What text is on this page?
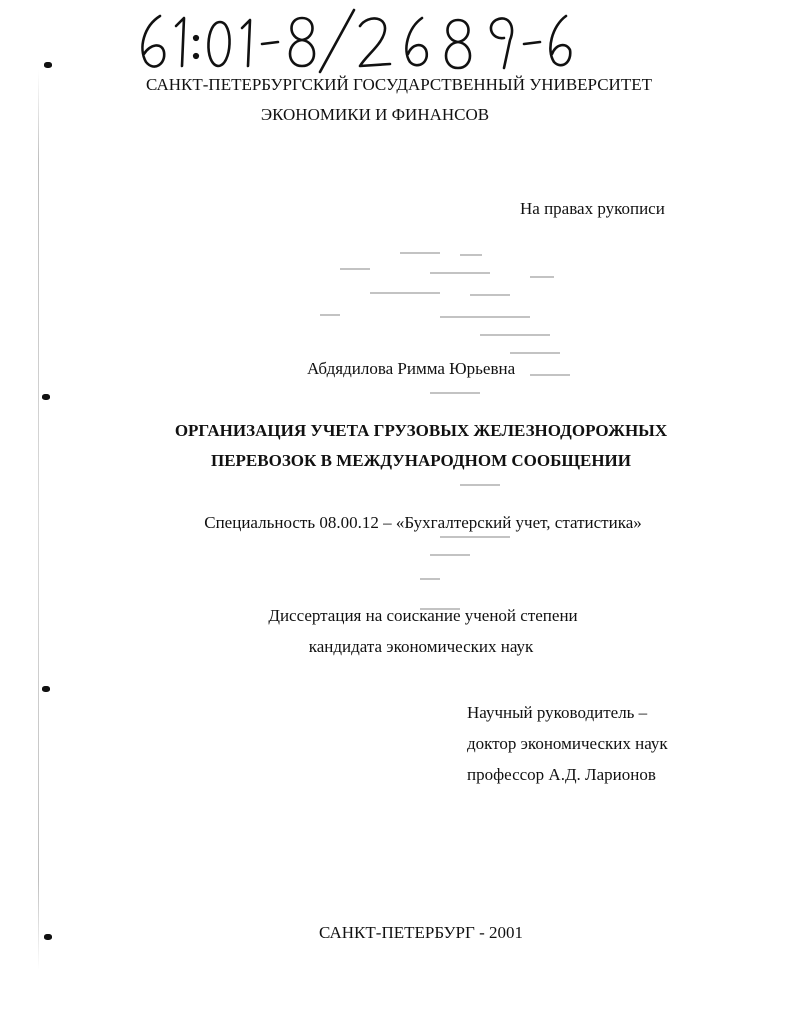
САНКТ-ПЕТЕРБУРГСКИЙ ГОСУДАРСТВЕННЫЙ УНИВЕРСИТЕТ
ЭКОНОМИКИ И ФИНАНСОВ
На правах рукописи
Абдядилова Римма Юрьевна
ОРГАНИЗАЦИЯ УЧЕТА ГРУЗОВЫХ ЖЕЛЕЗНОДОРОЖНЫХ
ПЕРЕВОЗОК В МЕЖДУНАРОДНОМ СООБЩЕНИИ
Специальность 08.00.12 – «Бухгалтерский учет, статистика»
Диссертация на соискание ученой степени
кандидата экономических наук
Научный руководитель –
доктор экономических наук
профессор А.Д. Ларионов
САНКТ-ПЕТЕРБУРГ - 2001
